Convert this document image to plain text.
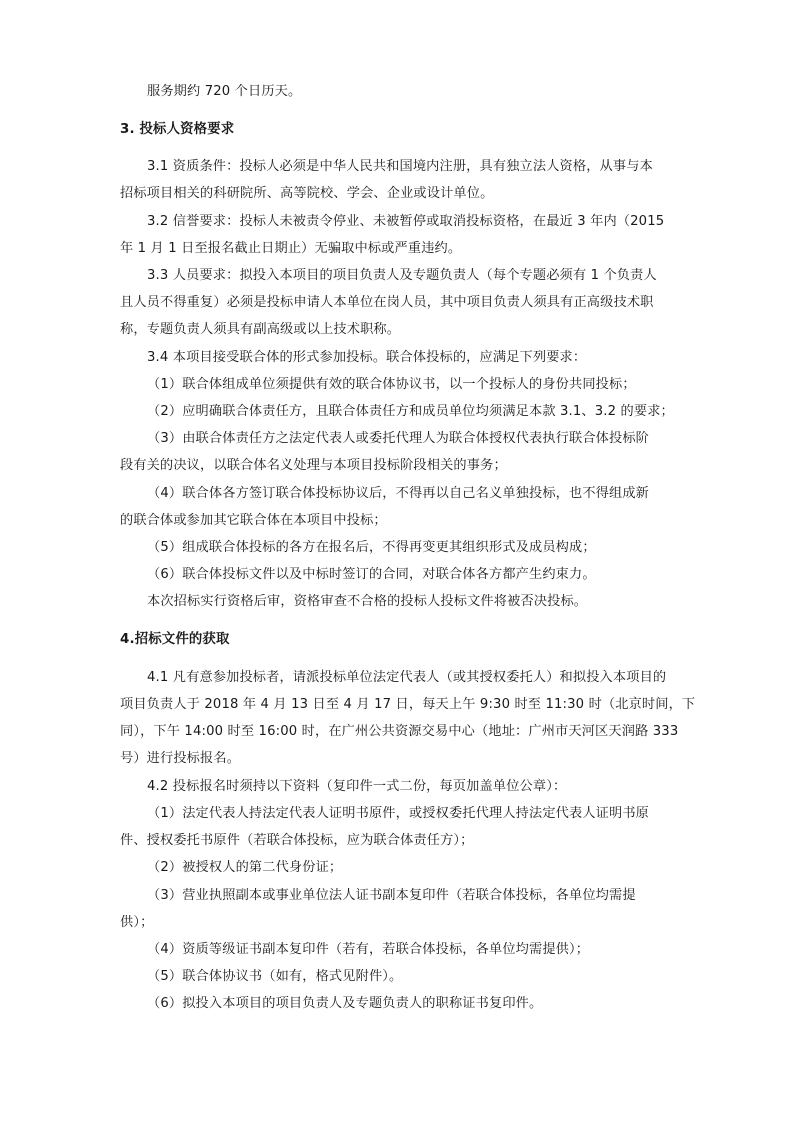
服务期约 720 个日历天。
3. 投标人资格要求
3.1 资质条件：投标人必须是中华人民共和国境内注册，具有独立法人资格，从事与本
招标项目相关的科研院所、高等院校、学会、企业或设计单位。
3.2 信誉要求：投标人未被责令停业、未被暂停或取消投标资格，在最近 3 年内（2015
年 1 月 1 日至报名截止日期止）无骗取中标或严重违约。
3.3 人员要求：拟投入本项目的项目负责人及专题负责人（每个专题必须有 1 个负责人
且人员不得重复）必须是投标申请人本单位在岗人员，其中项目负责人须具有正高级技术职
称，专题负责人须具有副高级或以上技术职称。
3.4 本项目接受联合体的形式参加投标。联合体投标的，应满足下列要求：
（1）联合体组成单位须提供有效的联合体协议书，以一个投标人的身份共同投标；
（2）应明确联合体责任方，且联合体责任方和成员单位均须满足本款 3.1、3.2 的要求；
（3）由联合体责任方之法定代表人或委托代理人为联合体授权代表执行联合体投标阶
段有关的决议，以联合体名义处理与本项目投标阶段相关的事务；
（4）联合体各方签订联合体投标协议后，不得再以自己名义单独投标，也不得组成新
的联合体或参加其它联合体在本项目中投标；
（5）组成联合体投标的各方在报名后，不得再变更其组织形式及成员构成；
（6）联合体投标文件以及中标时签订的合同，对联合体各方都产生约束力。
本次招标实行资格后审，资格审查不合格的投标人投标文件将被否决投标。
4.招标文件的获取
4.1 凡有意参加投标者，请派投标单位法定代表人（或其授权委托人）和拟投入本项目的
项目负责人于 2018 年 4 月 13 日至 4 月 17 日，每天上午 9:30 时至 11:30 时（北京时间，下
同），下午 14:00 时至 16:00 时，在广州公共资源交易中心（地址：广州市天河区天润路 333
号）进行投标报名。
4.2 投标报名时须持以下资料（复印件一式二份，每页加盖单位公章）：
（1）法定代表人持法定代表人证明书原件，或授权委托代理人持法定代表人证明书原
件、授权委托书原件（若联合体投标，应为联合体责任方）；
（2）被授权人的第二代身份证；
（3）营业执照副本或事业单位法人证书副本复印件（若联合体投标，各单位均需提
供）；
（4）资质等级证书副本复印件（若有，若联合体投标，各单位均需提供）；
（5）联合体协议书（如有，格式见附件）。
（6）拟投入本项目的项目负责人及专题负责人的职称证书复印件。
